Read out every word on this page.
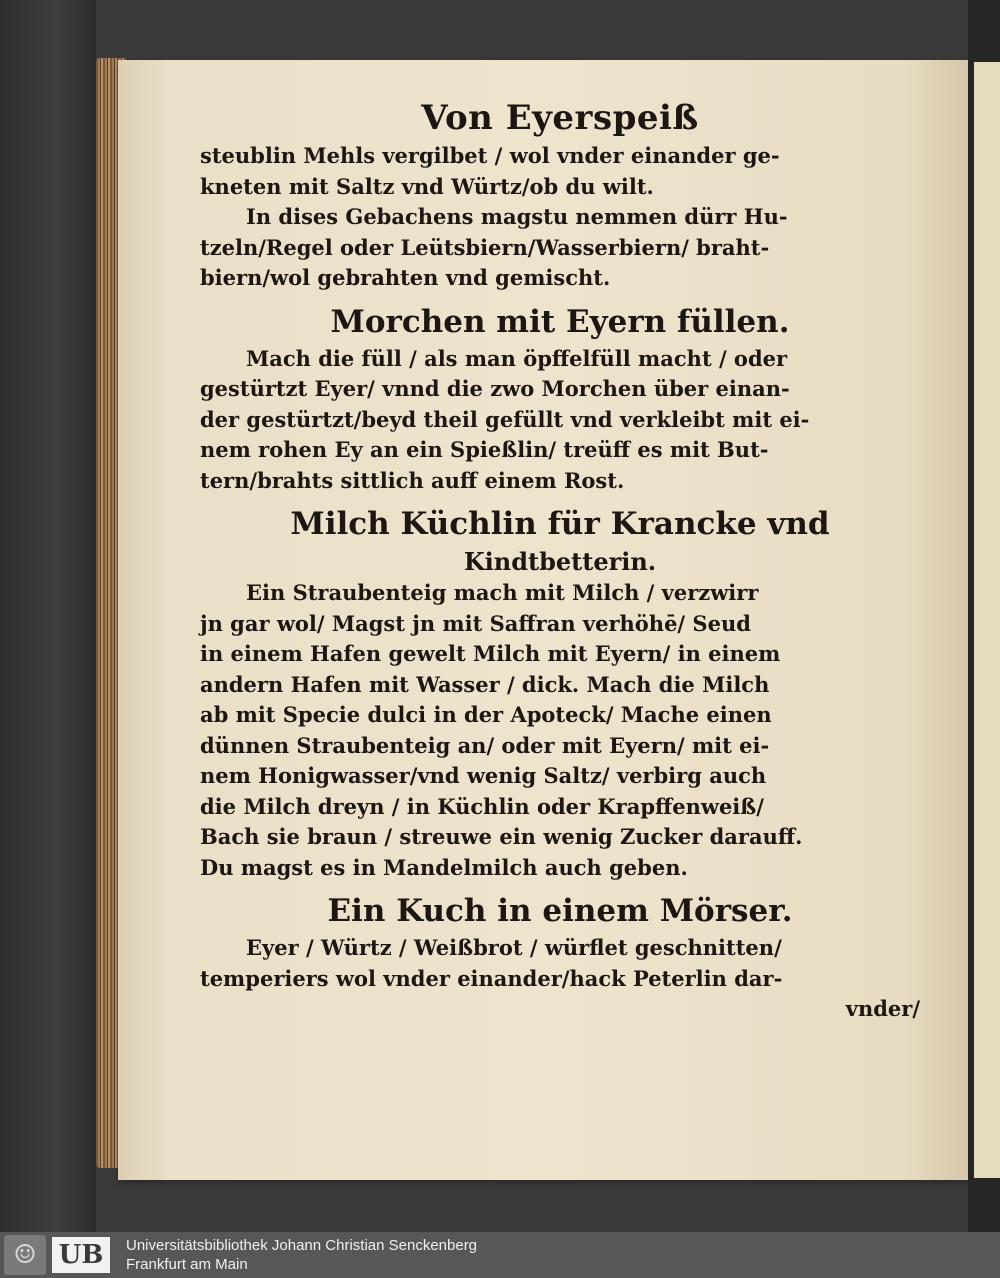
Von Eyerspeiß

steublin Mehls vergilbet / wol vnder einander ge-

kneten mit Saltz vnd Würtz/ob du wilt.

In dises Gebachens magstu nemmen dürr Hu-

tzeln/Regel oder Leütsbiern/Wasserbiern/ braht-

biern/wol gebrahten vnd gemischt.

Morchen mit Eyern füllen.

Mach die füll / als man öpffelfüll macht / oder

gestürtzt Eyer/ vnnd die zwo Morchen über einan-

der gestürtzt/beyd theil gefüllt vnd verkleibt mit ei-

nem rohen Ey an ein Spießlin/ treüff es mit But-

tern/brahts sittlich auff einem Rost.

Milch Küchlin für Krancke vnd

Kindtbetterin.

Ein Straubenteig mach mit Milch / verzwirr

jn gar wol/ Magst jn mit Saffran verhöhē/ Seud

in einem Hafen gewelt Milch mit Eyern/ in einem

andern Hafen mit Wasser / dick. Mach die Milch

ab mit Specie dulci in der Apoteck/ Mache einen

dünnen Straubenteig an/ oder mit Eyern/ mit ei-

nem Honigwasser/vnd wenig Saltz/ verbirg auch

die Milch dreyn / in Küchlin oder Krapffenweiß/

Bach sie braun / streuwe ein wenig Zucker darauff.

Du magst es in Mandelmilch auch geben.

Ein Kuch in einem Mörser.

Eyer / Würtz / Weißbrot / würflet geschnitten/

temperiers wol vnder einander/hack Peterlin dar-

vnder/

☺ UB	Universitätsbibliothek Johann Christian Senckenberg
Frankfurt am Main
